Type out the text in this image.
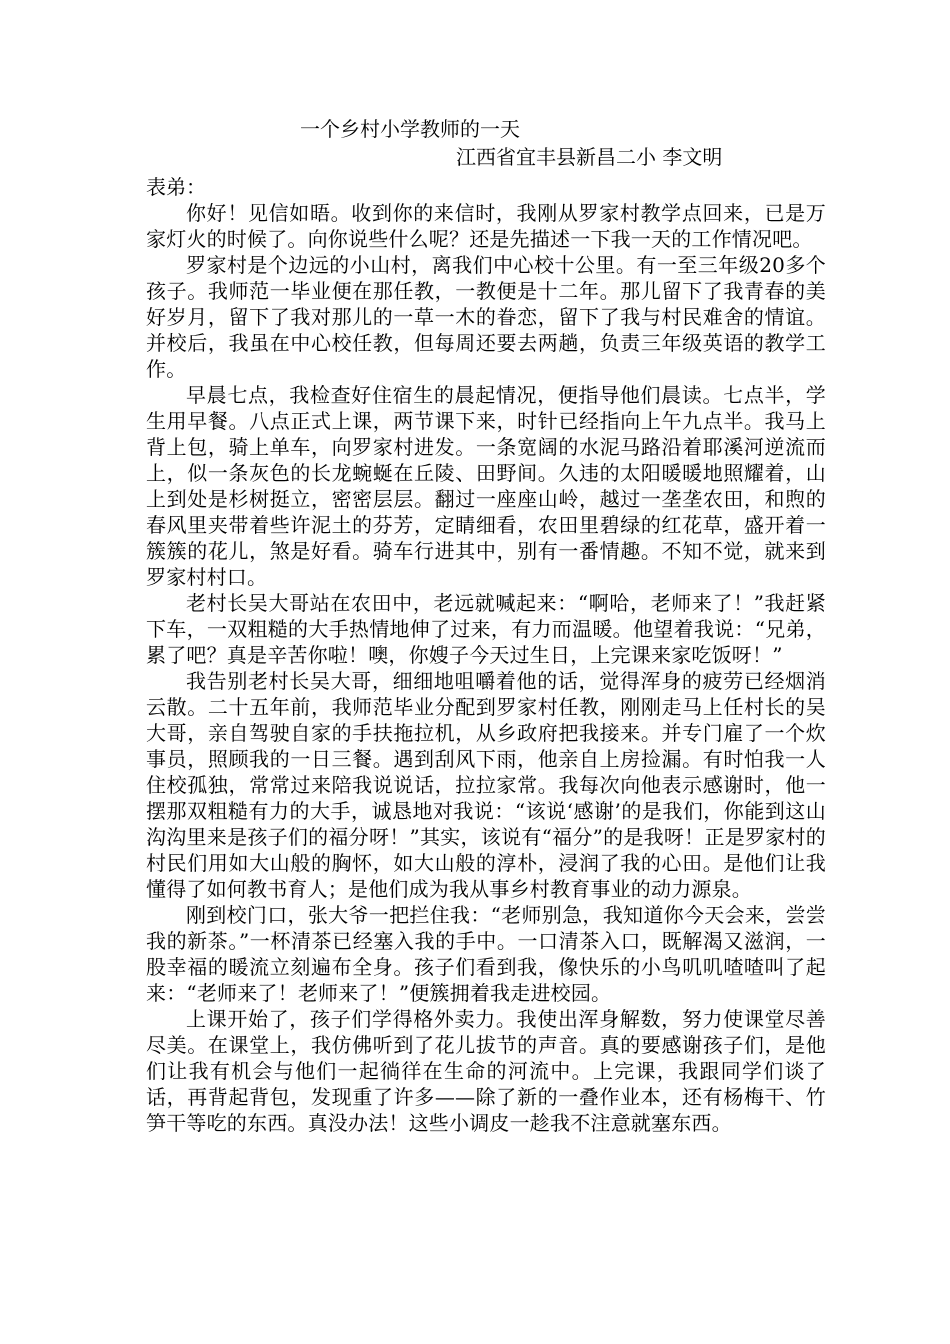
一个乡村小学教师的一天
江西省宜丰县新昌二小 李文明
表弟：

你好！见信如晤。收到你的来信时，我刚从罗家村教学点回来，已是万家灯火的时候了。向你说些什么呢？还是先描述一下我一天的工作情况吧。

罗家村是个边远的小山村，离我们中心校十公里。有一至三年级20多个孩子。我师范一毕业便在那任教，一教便是十二年。那儿留下了我青春的美好岁月，留下了我对那儿的一草一木的眷恋，留下了我与村民难舍的情谊。并校后，我虽在中心校任教，但每周还要去两趟，负责三年级英语的教学工作。

早晨七点，我检查好住宿生的晨起情况，便指导他们晨读。七点半，学生用早餐。八点正式上课，两节课下来，时针已经指向上午九点半。我马上背上包，骑上单车，向罗家村进发。一条宽阔的水泥马路沿着耶溪河逆流而上，似一条灰色的长龙蜿蜒在丘陵、田野间。久违的太阳暖暖地照耀着，山上到处是杉树挺立，密密层层。翻过一座座山岭，越过一垄垄农田，和煦的春风里夹带着些许泥土的芬芳，定睛细看，农田里碧绿的红花草，盛开着一簇簇的花儿，煞是好看。骑车行进其中，别有一番情趣。不知不觉，就来到罗家村村口。

老村长吴大哥站在农田中，老远就喊起来：“啊哈，老师来了！”我赶紧下车，一双粗糙的大手热情地伸了过来，有力而温暖。他望着我说：“兄弟，累了吧？真是辛苦你啦！噢，你嫂子今天过生日，上完课来家吃饭呀！”

我告别老村长吴大哥，细细地咀嚼着他的话，觉得浑身的疲劳已经烟消云散。二十五年前，我师范毕业分配到罗家村任教，刚刚走马上任村长的吴大哥，亲自驾驶自家的手扶拖拉机，从乡政府把我接来。并专门雇了一个炊事员，照顾我的一日三餐。遇到刮风下雨，他亲自上房捡漏。有时怕我一人住校孤独，常常过来陪我说说话，拉拉家常。我每次向他表示感谢时，他一摆那双粗糙有力的大手，诚恳地对我说：“该说‘感谢’的是我们，你能到这山沟沟里来是孩子们的福分呀！”其实，该说有“福分”的是我呀！正是罗家村的村民们用如大山般的胸怀，如大山般的淳朴，浸润了我的心田。是他们让我懂得了如何教书育人；是他们成为我从事乡村教育事业的动力源泉。

刚到校门口，张大爷一把拦住我：“老师别急，我知道你今天会来，尝尝我的新茶。”一杯清茶已经塞入我的手中。一口清茶入口，既解渴又滋润，一股幸福的暖流立刻遍布全身。孩子们看到我，像快乐的小鸟叽叽喳喳叫了起来：“老师来了！老师来了！”便簇拥着我走进校园。

上课开始了，孩子们学得格外卖力。我使出浑身解数，努力使课堂尽善尽美。在课堂上，我仿佛听到了花儿拔节的声音。真的要感谢孩子们，是他们让我有机会与他们一起徜徉在生命的河流中。上完课，我跟同学们谈了话，再背起背包，发现重了许多——除了新的一叠作业本，还有杨梅干、竹笋干等吃的东西。真没办法！这些小调皮一趁我不注意就塞东西。
